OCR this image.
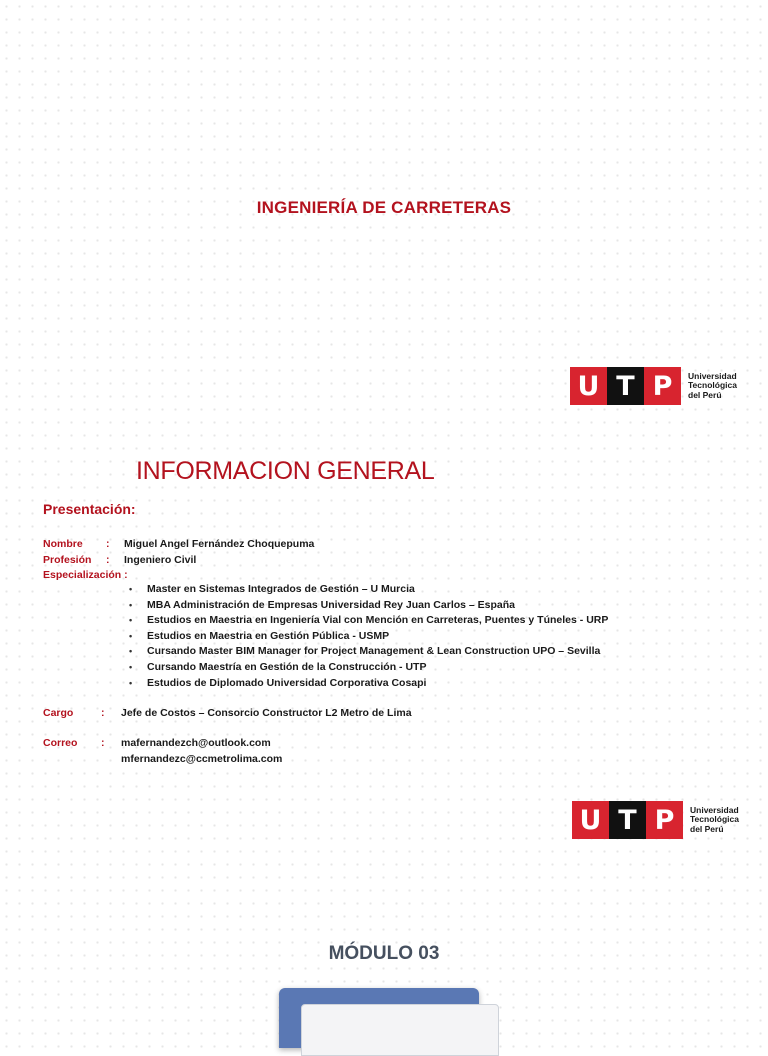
INGENIERÍA DE CARRETERAS
U T P	Universidad
Tecnológica
del Perú
INFORMACION GENERAL
Presentación:
Nombre : Miguel Angel Fernández Choquepuma
Profesión : Ingeniero Civil
Especialización :
• Master en Sistemas Integrados de Gestión – U Murcia
• MBA Administración de Empresas Universidad Rey Juan Carlos – España
• Estudios en Maestria en Ingeniería Vial con Mención en Carreteras, Puentes y Túneles - URP
• Estudios en Maestria en Gestión Pública - USMP
• Cursando Master BIM Manager for Project Management & Lean Construction UPO – Sevilla
• Cursando Maestría en Gestión de la Construcción - UTP
• Estudios de Diplomado Universidad Corporativa Cosapi
Cargo	: Jefe de Costos – Consorcio Constructor L2 Metro de Lima
Correo : mafernandezch@outlook.com
mfernandezc@ccmetrolima.com
U T P	Universidad
Tecnológica
del Perú
MÓDULO 03
